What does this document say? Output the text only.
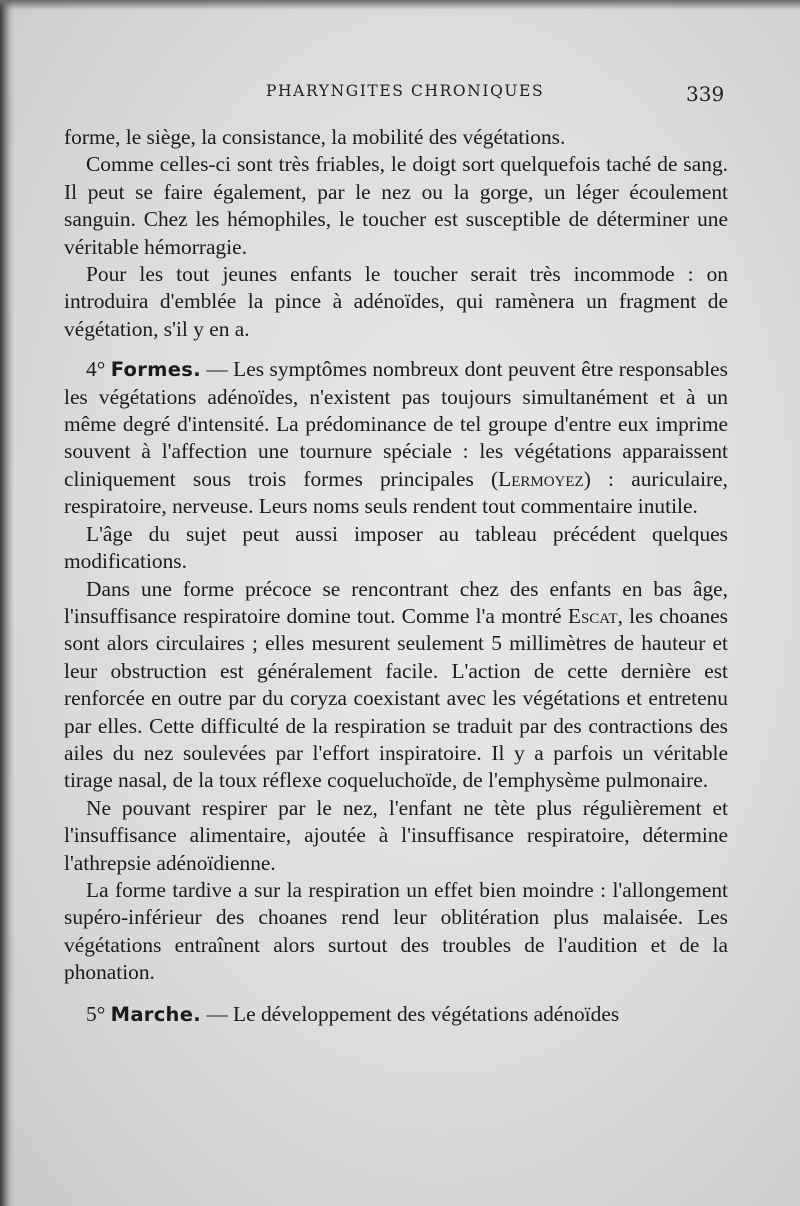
PHARYNGITES CHRONIQUES	339

forme, le siège, la consistance, la mobilité des végétations.

Comme celles-ci sont très friables, le doigt sort quelquefois taché de sang. Il peut se faire également, par le nez ou la gorge, un léger écoulement sanguin. Chez les hémophiles, le toucher est susceptible de déterminer une véritable hémorragie.

Pour les tout jeunes enfants le toucher serait très incommode : on introduira d'emblée la pince à adénoïdes, qui ramènera un fragment de végétation, s'il y en a.

4° Formes. — Les symptômes nombreux dont peuvent être responsables les végétations adénoïdes, n'existent pas toujours simultanément et à un même degré d'intensité. La prédominance de tel groupe d'entre eux imprime souvent à l'affection une tournure spéciale : les végétations apparaissent cliniquement sous trois formes principales (Lermoyez) : auriculaire, respiratoire, nerveuse. Leurs noms seuls rendent tout commentaire inutile.

L'âge du sujet peut aussi imposer au tableau précédent quelques modifications.

Dans une forme précoce se rencontrant chez des enfants en bas âge, l'insuffisance respiratoire domine tout. Comme l'a montré Escat, les choanes sont alors circulaires ; elles mesurent seulement 5 millimètres de hauteur et leur obstruction est généralement facile. L'action de cette dernière est renforcée en outre par du coryza coexistant avec les végétations et entretenu par elles. Cette difficulté de la respiration se traduit par des contractions des ailes du nez soulevées par l'effort inspiratoire. Il y a parfois un véritable tirage nasal, de la toux réflexe coqueluchoïde, de l'emphysème pulmonaire.

Ne pouvant respirer par le nez, l'enfant ne tète plus régulièrement et l'insuffisance alimentaire, ajoutée à l'insuffisance respiratoire, détermine l'athrepsie adénoïdienne.

La forme tardive a sur la respiration un effet bien moindre : l'allongement supéro-inférieur des choanes rend leur oblitération plus malaisée. Les végétations entraînent alors surtout des troubles de l'audition et de la phonation.

5° Marche. — Le développement des végétations adénoïdes
